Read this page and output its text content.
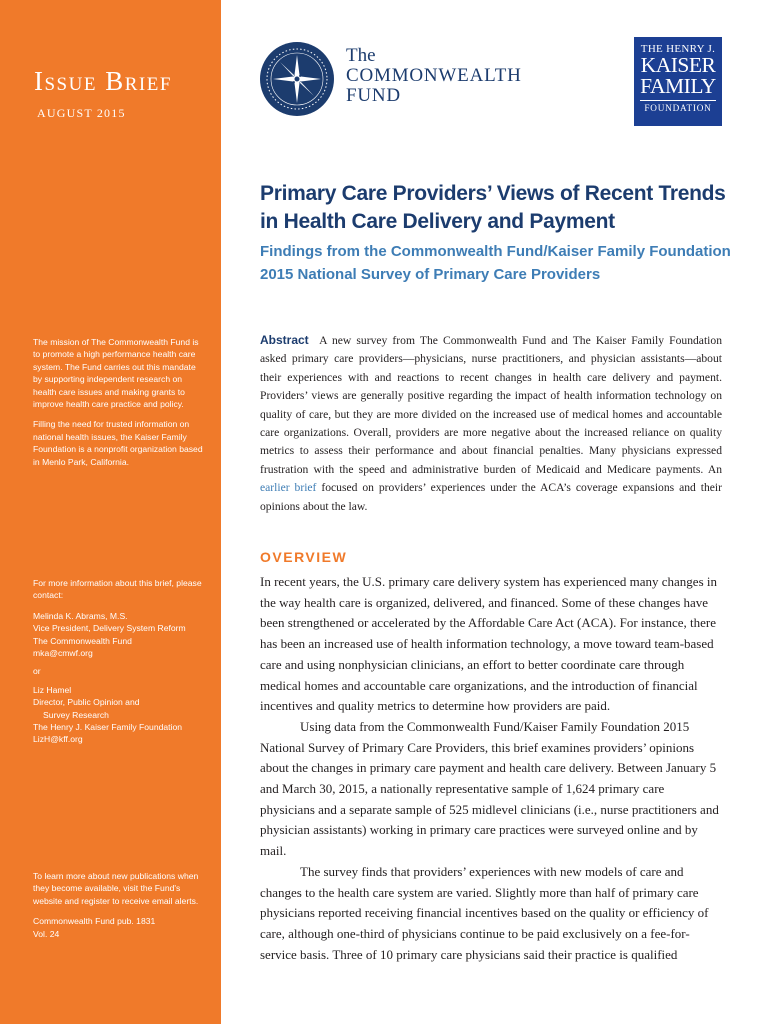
Issue Brief
AUGUST 2015

The mission of The Commonwealth Fund is to promote a high performance health care system. The Fund carries out this mandate by supporting independent research on health care issues and making grants to improve health care practice and policy.

Filling the need for trusted information on national health issues, the Kaiser Family Foundation is a nonprofit organization based in Menlo Park, California.

For more information about this brief, please contact:

Melinda K. Abrams, M.S.
Vice President, Delivery System Reform
The Commonwealth Fund
mka@cmwf.org

or

Liz Hamel
Director, Public Opinion and
Survey Research
The Henry J. Kaiser Family Foundation
LizH@kff.org

To learn more about new publications when they become available, visit the Fund's website and register to receive email alerts.

Commonwealth Fund pub. 1831
Vol. 24

The
COMMONWEALTH
FUND
THE HENRY J.
KAISER
FAMILY
FOUNDATION
Primary Care Providers’ Views of Recent Trends in Health Care Delivery and Payment
Findings from the Commonwealth Fund/Kaiser Family Foundation 2015 National Survey of Primary Care Providers
Abstract A new survey from The Commonwealth Fund and The Kaiser Family Foundation asked primary care providers—physicians, nurse practitioners, and physician assistants—about their experiences with and reactions to recent changes in health care delivery and payment. Providers’ views are generally positive regarding the impact of health information technology on quality of care, but they are more divided on the increased use of medical homes and accountable care organizations. Overall, providers are more negative about the increased reliance on quality metrics to assess their performance and about financial penalties. Many physicians expressed frustration with the speed and administrative burden of Medicaid and Medicare payments. An earlier brief focused on providers’ experiences under the ACA’s coverage expansions and their opinions about the law.
OVERVIEW

In recent years, the U.S. primary care delivery system has experienced many changes in the way health care is organized, delivered, and financed. Some of these changes have been strengthened or accelerated by the Affordable Care Act (ACA). For instance, there has been an increased use of health information technology, a move toward team-based care and using nonphysician clinicians, an effort to better coordinate care through medical homes and accountable care organizations, and the introduction of financial incentives and quality metrics to determine how providers are paid.

Using data from the Commonwealth Fund/Kaiser Family Foundation 2015 National Survey of Primary Care Providers, this brief examines providers’ opinions about the changes in primary care payment and health care delivery. Between January 5 and March 30, 2015, a nationally representative sample of 1,624 primary care physicians and a separate sample of 525 midlevel clinicians (i.e., nurse practitioners and physician assistants) working in primary care practices were surveyed online and by mail.

The survey finds that providers’ experiences with new models of care and changes to the health care system are varied. Slightly more than half of primary care physicians reported receiving financial incentives based on the quality or efficiency of care, although one-third of physicians continue to be paid exclusively on a fee-for-service basis. Three of 10 primary care physicians said their practice is qualified
